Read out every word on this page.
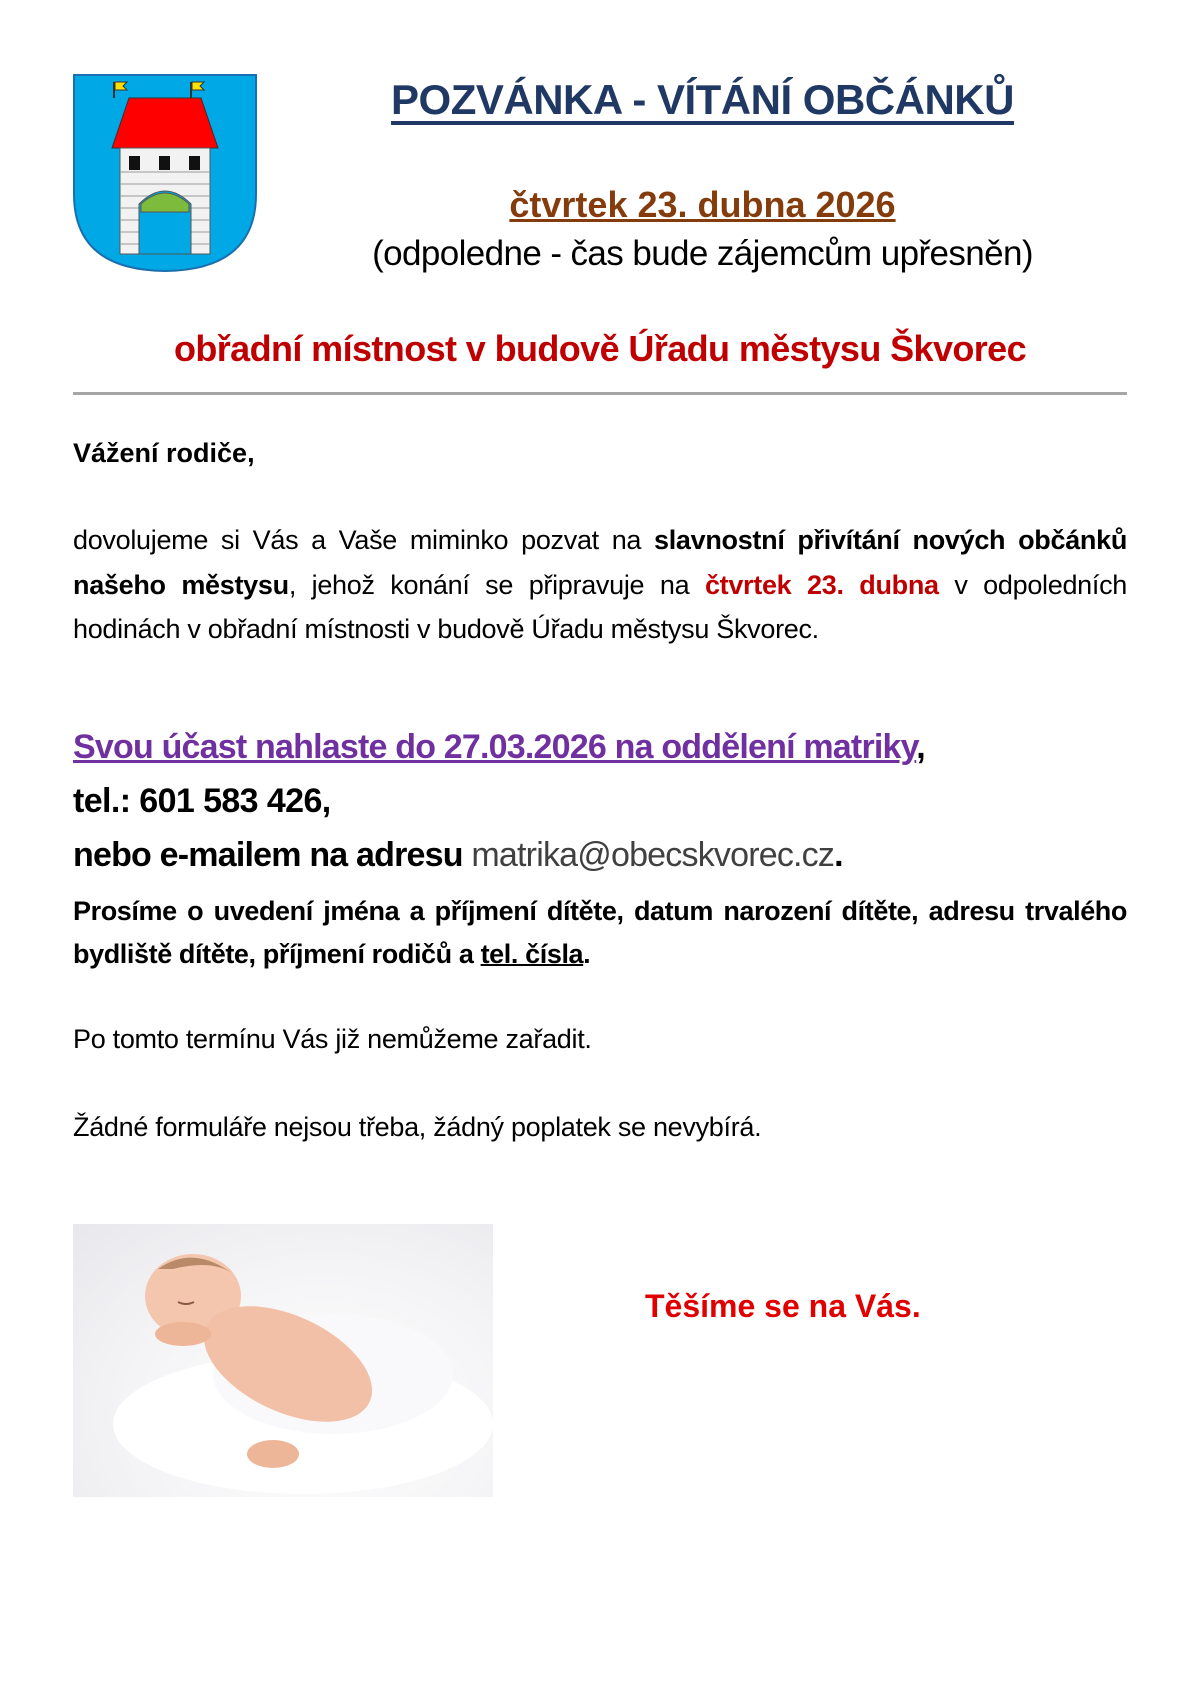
POZVÁNKA - VÍTÁNÍ OBČÁNKŮ
čtvrtek 23. dubna 2026
(odpoledne - čas bude zájemcům upřesněn)
obřadní místnost v budově Úřadu městysu Škvorec
Vážení rodiče,
dovolujeme si Vás a Vaše miminko pozvat na slavnostní přivítání nových občánků našeho městysu, jehož konání se připravuje na čtvrtek 23. dubna v odpoledních hodinách v obřadní místnosti v budově Úřadu městysu Škvorec.
Svou účast nahlaste do 27.03.2026 na oddělení matriky,
tel.: 601 583 426,
nebo e-mailem na adresu matrika@obecskvorec.cz.
Prosíme o uvedení jména a příjmení dítěte, datum narození dítěte, adresu trvalého bydliště dítěte, příjmení rodičů a tel. čísla.
Po tomto termínu Vás již nemůžeme zařadit.
Žádné formuláře nejsou třeba, žádný poplatek se nevybírá.
Těšíme se na Vás.
